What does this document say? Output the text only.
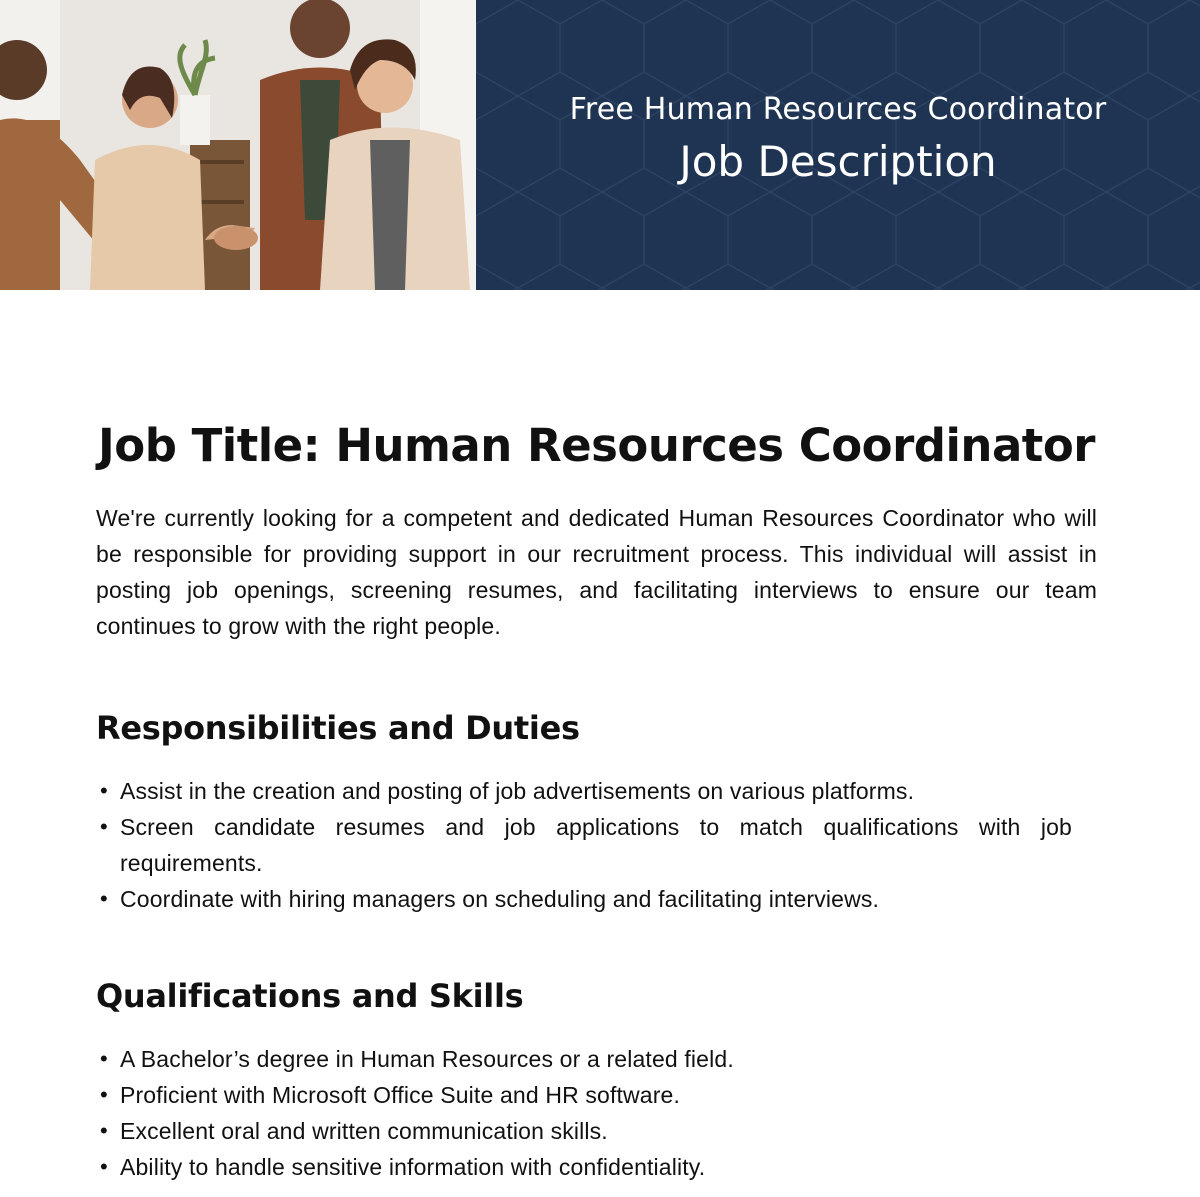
Free Human Resources Coordinator
Job Description
Job Title: Human Resources Coordinator

We're currently looking for a competent and dedicated Human Resources Coordinator who will be responsible for providing support in our recruitment process. This individual will assist in posting job openings, screening resumes, and facilitating interviews to ensure our team continues to grow with the right people.

Responsibilities and Duties
• Assist in the creation and posting of job advertisements on various platforms.
• Screen candidate resumes and job applications to match qualifications with job requirements.
• Coordinate with hiring managers on scheduling and facilitating interviews.
Qualifications and Skills
• A Bachelor’s degree in Human Resources or a related field.
• Proficient with Microsoft Office Suite and HR software.
• Excellent oral and written communication skills.
• Ability to handle sensitive information with confidentiality.
